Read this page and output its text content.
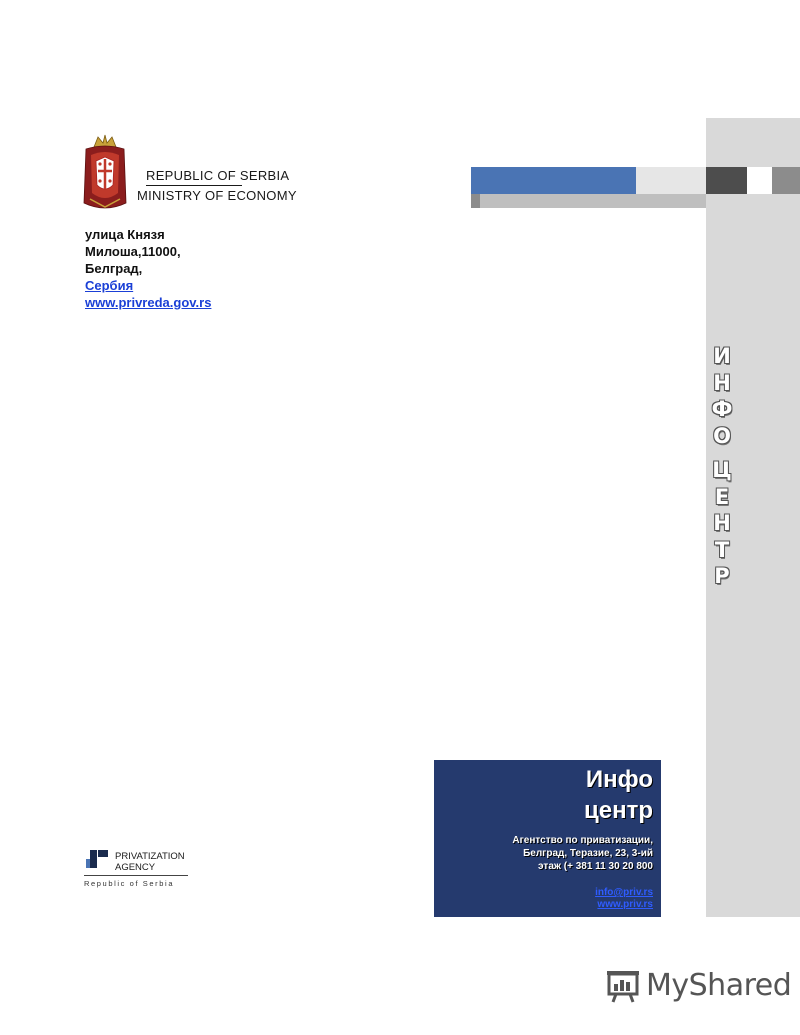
И
Н
Ф
О
Ц
Е
Н
Т
Р
REPUBLIC OF SERBIA
MINISTRY OF ECONOMY
улица Князя
Милоша,11000,
Белград,
Сербия
www.privreda.gov.rs
Инфо
центр
Агентство по приватизации,
Белград, Теразие, 23, 3-ий
этаж (+ 381 11 30 20 800
info@priv.rs
www.priv.rs
PRIVATIZATION
AGENCY
Republic of Serbia
MyShared
